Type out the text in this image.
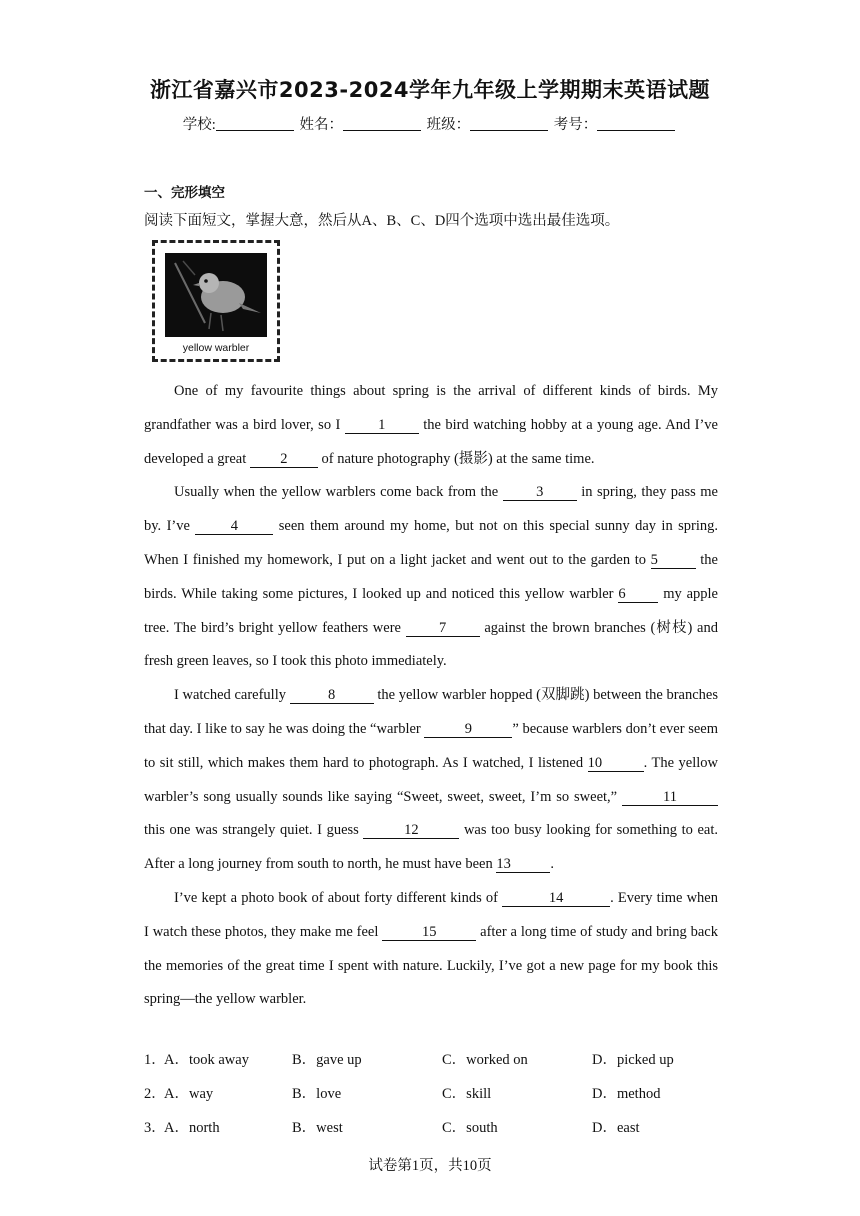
浙江省嘉兴市2023-2024学年九年级上学期期末英语试题
学校:	姓名：	班级：	考号：
一、完形填空
阅读下面短文，掌握大意，然后从A、B、C、D四个选项中选出最佳选项。
yellow warbler

One of my favourite things about spring is the arrival of different kinds of birds. My grandfather was a bird lover, so I 1 the bird watching hobby at a young age. And I’ve developed a great 2 of nature photography (摄影) at the same time.

Usually when the yellow warblers come back from the 3 in spring, they pass me by. I’ve 4 seen them around my home, but not on this special sunny day in spring. When I finished my homework, I put on a light jacket and went out to the garden to 5	the birds. While taking some pictures, I looked up and noticed this yellow warbler 6 my apple tree. The bird’s bright yellow feathers were 7 against the brown branches (树枝) and fresh green leaves, so I took this photo immediately.

I watched carefully	8	the yellow warbler hopped (双脚跳) between the branches that day. I like to say he was doing the “warbler	9	” because warblers don’t ever seem to sit still, which makes them hard to photograph. As I watched, I listened 10	. The yellow warbler’s song usually sounds like saying “Sweet, sweet, sweet, I’m so sweet,”	11 this one was strangely quiet. I guess	12	was too busy looking for something to eat. After a long journey from south to north, he must have been 13	.

I’ve kept a photo book of about forty different kinds of	14	. Every time when I watch these photos, they make me feel	15	after a long time of study and bring back the memories of the great time I spent with nature. Luckily, I’ve got a new page for my book this spring—the yellow warbler.

1．
A．took away	B．gave up	C．worked on	D．picked up
2．
A．way	B．love	C．skill	D．method
3．
A．north	B．west	C．south	D．east
试卷第1页，共10页
